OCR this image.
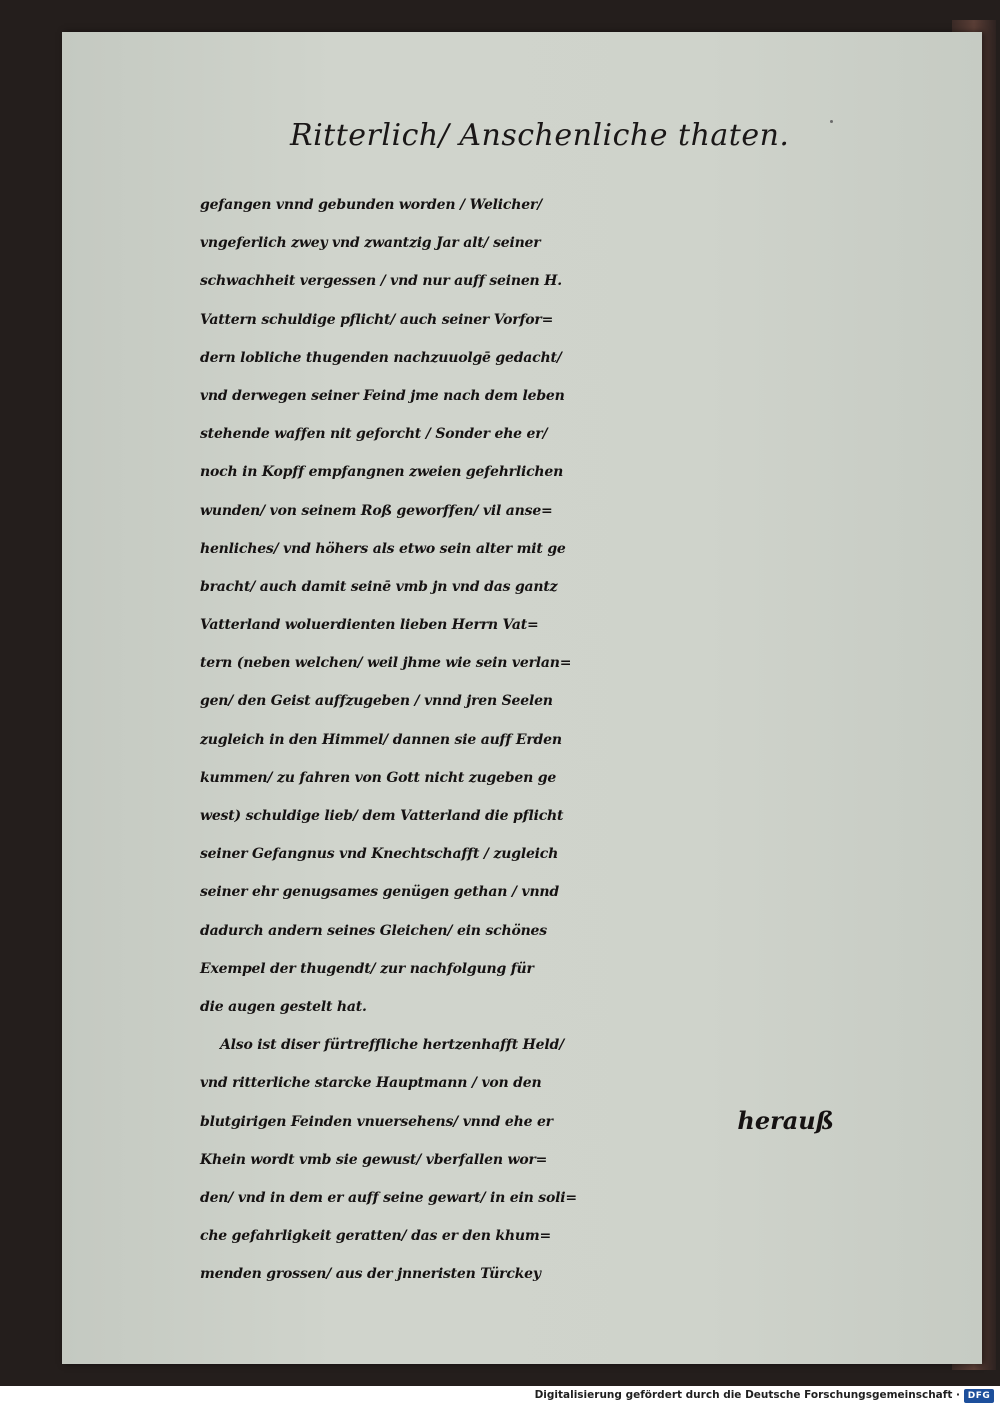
Ritterlich/ Anschenliche thaten.
gefangen vnnd gebunden worden / Welicher/
vngeferlich zwey vnd zwantzig Jar alt/ seiner
schwachheit vergessen / vnd nur auff seinen H.
Vattern schuldige pflicht/ auch seiner Vorfor=
dern lobliche thugenden nachzuuolgē gedacht/
vnd derwegen seiner Feind jme nach dem leben
stehende waffen nit geforcht / Sonder ehe er/
noch in Kopff empfangnen zweien gefehrlichen
wunden/ von seinem Roß geworffen/ vil anse=
henliches/ vnd höhers als etwo sein alter mit ge
bracht/ auch damit seinē vmb jn vnd das gantz
Vatterland woluerdienten lieben Herrn Vat=
tern (neben welchen/ weil jhme wie sein verlan=
gen/ den Geist auffzugeben / vnnd jren Seelen
zugleich in den Himmel/ dannen sie auff Erden
kummen/ zu fahren von Gott nicht zugeben ge
west) schuldige lieb/ dem Vatterland die pflicht
seiner Gefangnus vnd Knechtschafft / zugleich
seiner ehr genugsames genügen gethan / vnnd
dadurch andern seines Gleichen/ ein schönes
Exempel der thugendt/ zur nachfolgung für
die augen gestelt hat.
Also ist diser fürtreffliche hertzenhafft Held/
vnd ritterliche starcke Hauptmann / von den
blutgirigen Feinden vnuersehens/ vnnd ehe er
Khein wordt vmb sie gewust/ vberfallen wor=
den/ vnd in dem er auff seine gewart/ in ein soli=
che gefahrligkeit geratten/ das er den khum=
menden grossen/ aus der jnneristen Türckey
herauß
Digitalisierung gefördert durch die Deutsche Forschungsgemeinschaft · DFG
